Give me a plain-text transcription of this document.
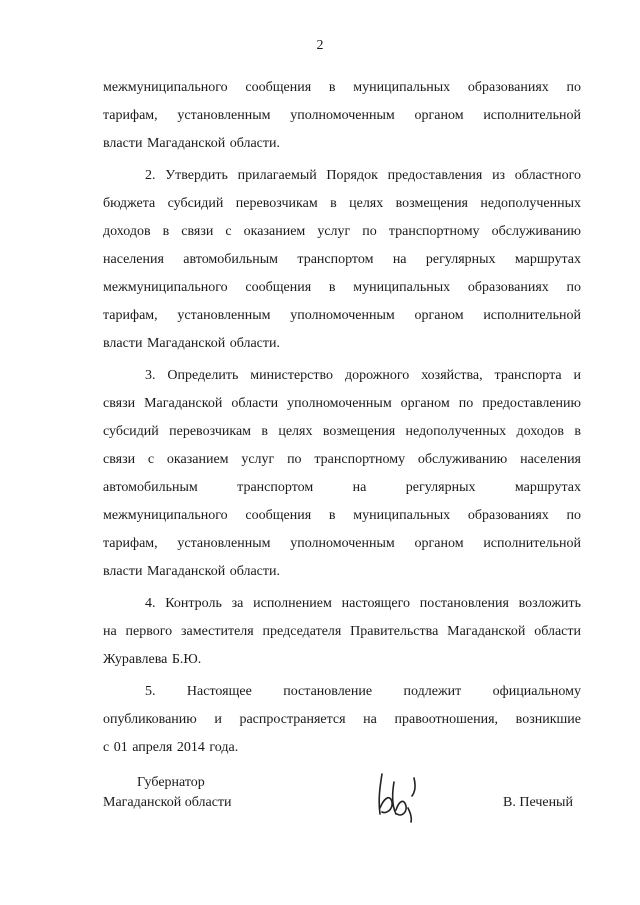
2
межмуниципального сообщения в муниципальных образованиях по
тарифам, установленным уполномоченным органом исполнительной
власти Магаданской области.
2. Утвердить прилагаемый Порядок предоставления из областного
бюджета субсидий перевозчикам в целях возмещения недополученных
доходов в связи с оказанием услуг по транспортному обслуживанию
населения автомобильным транспортом на регулярных маршрутах
межмуниципального сообщения в муниципальных образованиях по
тарифам, установленным уполномоченным органом исполнительной
власти Магаданской области.
3. Определить министерство дорожного хозяйства, транспорта и
связи Магаданской области уполномоченным органом по предоставлению
субсидий перевозчикам в целях возмещения недополученных доходов в
связи с оказанием услуг по транспортному обслуживанию населения
автомобильным транспортом на регулярных маршрутах
межмуниципального сообщения в муниципальных образованиях по
тарифам, установленным уполномоченным органом исполнительной
власти Магаданской области.
4. Контроль за исполнением настоящего постановления возложить
на первого заместителя председателя Правительства Магаданской области
Журавлева Б.Ю.
5. Настоящее постановление подлежит официальному
опубликованию и распространяется на правоотношения, возникшие
с 01 апреля 2014 года.
Губернатор
Магаданской области	В. Печеный
